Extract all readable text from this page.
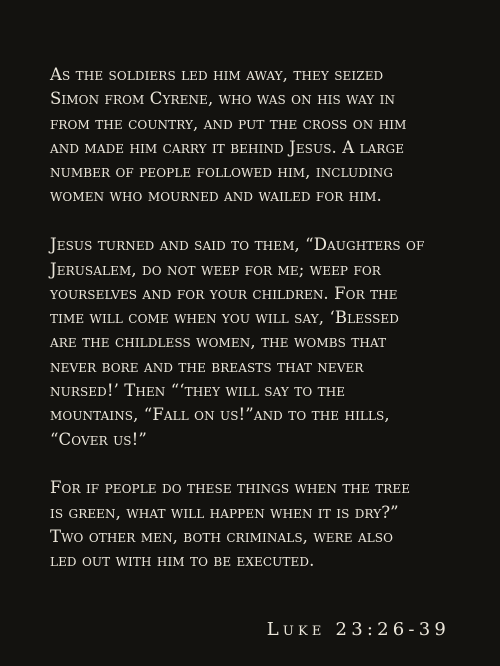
As the soldiers led him away, they seized
Simon from Cyrene, who was on his way in
from the country, and put the cross on him
and made him carry it behind Jesus. A large
number of people followed him, including
women who mourned and wailed for him.

Jesus turned and said to them, “Daughters of
Jerusalem, do not weep for me; weep for
yourselves and for your children. For the
time will come when you will say, ‘Blessed
are the childless women, the wombs that
never bore and the breasts that never
nursed!’ Then “‘they will say to the
mountains, “Fall on us!”and to the hills,
“Cover us!”

For if people do these things when the tree
is green, what will happen when it is dry?”
Two other men, both criminals, were also
led out with him to be executed.

Luke 23:26-39
